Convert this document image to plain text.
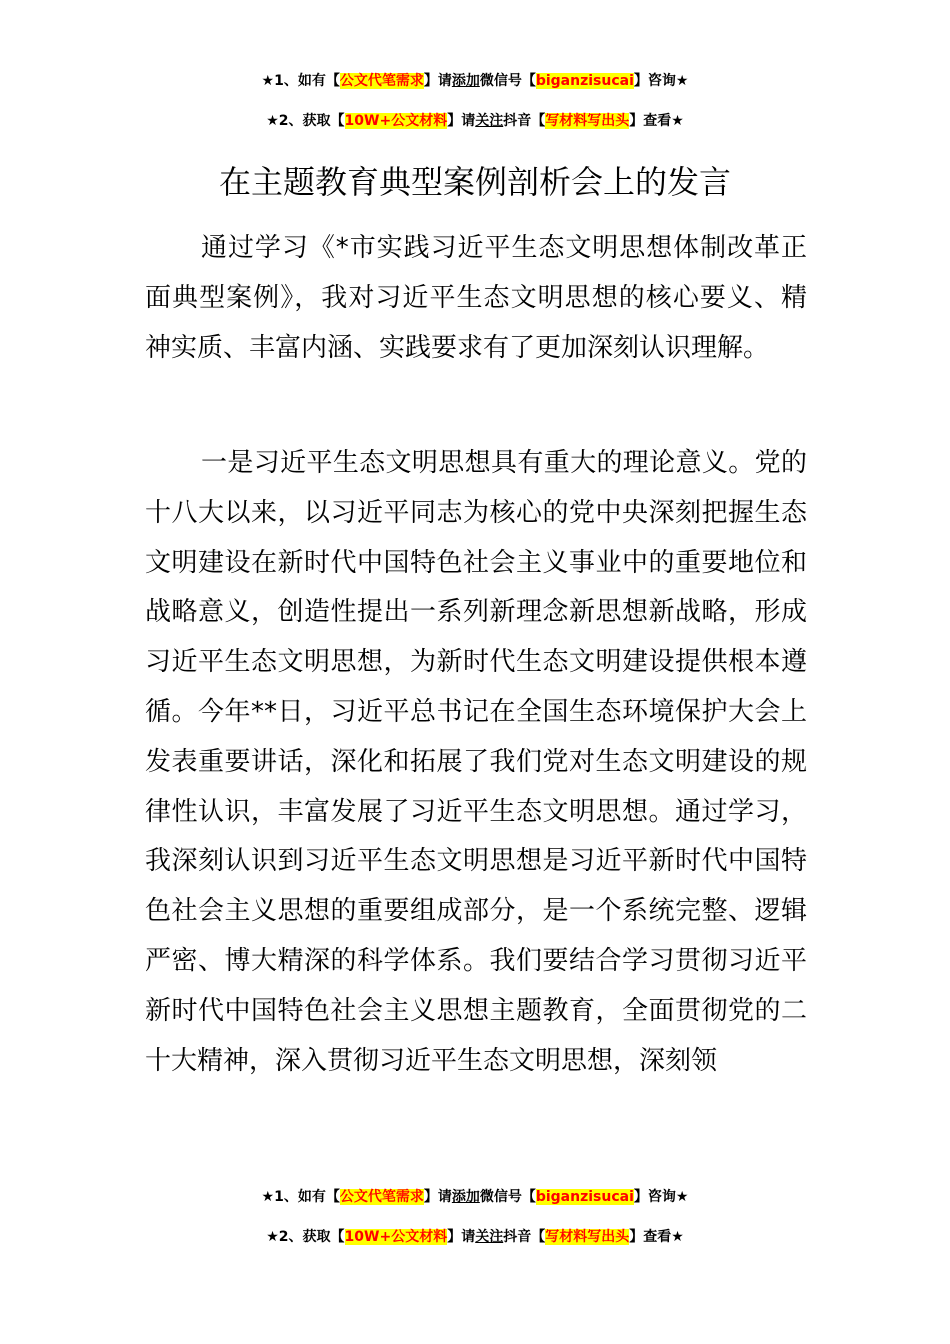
★1、如有【公文代笔需求】请添加微信号【biganzisucai】咨询★
★2、获取【10W+公文材料】请关注抖音【写材料写出头】查看★
在主题教育典型案例剖析会上的发言

通过学习《*市实践习近平生态文明思想体制改革正面典型案例》，我对习近平生态文明思想的核心要义、精神实质、丰富内涵、实践要求有了更加深刻认识理解。

一是习近平生态文明思想具有重大的理论意义。党的十八大以来，以习近平同志为核心的党中央深刻把握生态文明建设在新时代中国特色社会主义事业中的重要地位和战略意义，创造性提出一系列新理念新思想新战略，形成习近平生态文明思想，为新时代生态文明建设提供根本遵循。今年**日，习近平总书记在全国生态环境保护大会上发表重要讲话，深化和拓展了我们党对生态文明建设的规律性认识，丰富发展了习近平生态文明思想。通过学习，我深刻认识到习近平生态文明思想是习近平新时代中国特色社会主义思想的重要组成部分，是一个系统完整、逻辑严密、博大精深的科学体系。我们要结合学习贯彻习近平新时代中国特色社会主义思想主题教育，全面贯彻党的二十大精神，深入贯彻习近平生态文明思想，深刻领

★1、如有【公文代笔需求】请添加微信号【biganzisucai】咨询★
★2、获取【10W+公文材料】请关注抖音【写材料写出头】查看★
